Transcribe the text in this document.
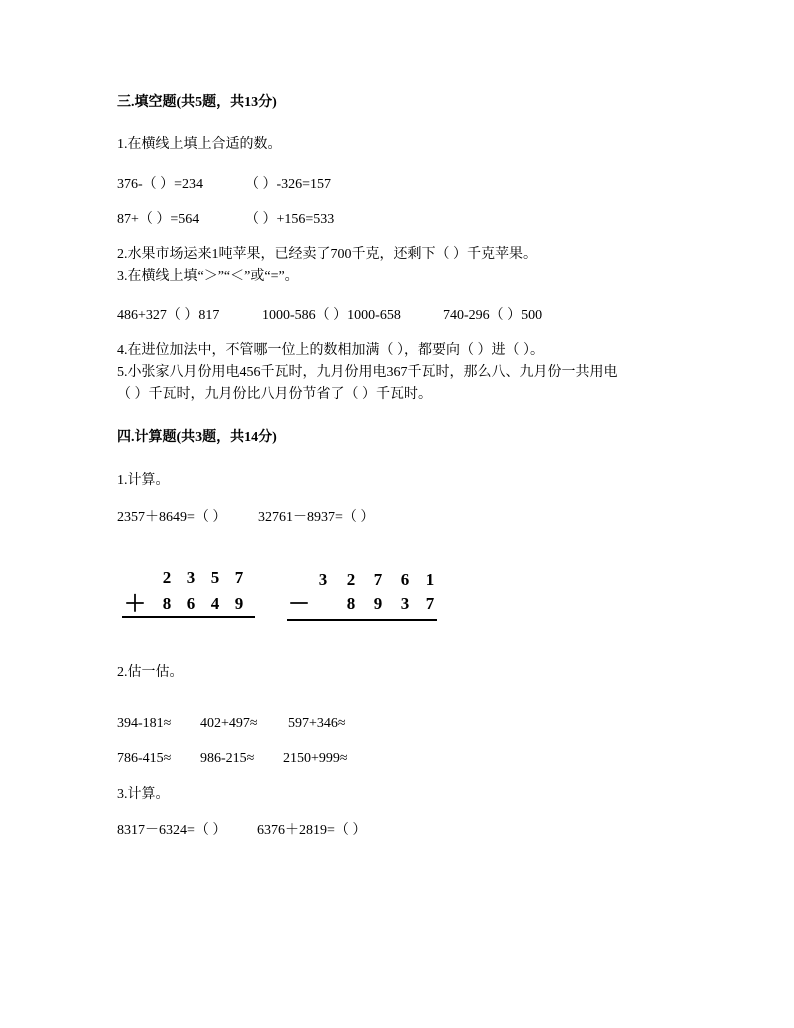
三.填空题(共5题，共13分)
1.在横线上填上合适的数。
376-（ ）=234	（ ）-326=157
87+（ ）=564	（ ）+156=533
2.水果市场运来1吨苹果，已经卖了700千克，还剩下（ ）千克苹果。
3.在横线上填“＞”“＜”或“=”。
486+327（ ）817	1000-586（ ）1000-658	740-296（ ）500
4.在进位加法中，不管哪一位上的数相加满（ ），都要向（ ）进（ ）。
5.小张家八月份用电456千瓦时，九月份用电367千瓦时，那么八、九月份一共用电
（ ）千瓦时，九月份比八月份节省了（ ）千瓦时。
四.计算题(共3题，共14分)
1.计算。
2357＋8649=（ ） 32761－8937=（ ）
2 3 5 7
＋ 8 6 4 9
3	2	7	6 1
－	8	9	3 7
2.估一估。
394-181≈ 402+497≈ 597+346≈
786-415≈ 986-215≈ 2150+999≈
3.计算。
8317－6324=（ ） 6376＋2819=（ ）
